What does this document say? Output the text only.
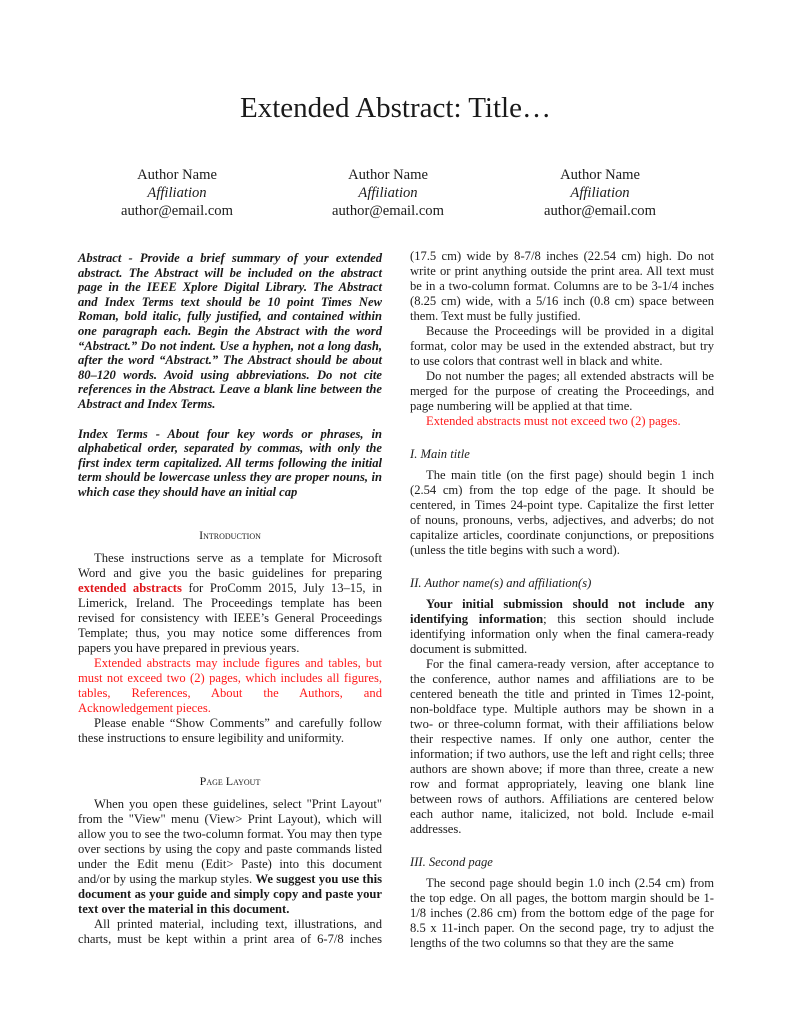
Extended Abstract: Title…
Author Name
Affiliation
author@email.com
Author Name
Affiliation
author@email.com
Author Name
Affiliation
author@email.com

Abstract - Provide a brief summary of your extended abstract. The Abstract will be included on the abstract page in the IEEE Xplore Digital Library. The Abstract and Index Terms text should be 10 point Times New Roman, bold italic, fully justified, and contained within one paragraph each. Begin the Abstract with the word “Abstract.” Do not indent. Use a hyphen, not a long dash, after the word “Abstract.” The Abstract should be about 80–120 words. Avoid using abbreviations. Do not cite references in the Abstract. Leave a blank line between the Abstract and Index Terms.

Index Terms - About four key words or phrases, in alphabetical order, separated by commas, with only the first index term capitalized. All terms following the initial term should be lowercase unless they are proper nouns, in which case they should have an initial cap

Introduction

These instructions serve as a template for Microsoft Word and give you the basic guidelines for preparing extended abstracts for ProComm 2015, July 13–15, in Limerick, Ireland. The Proceedings template has been revised for consistency with IEEE’s General Proceedings Template; thus, you may notice some differences from papers you have prepared in previous years.

Extended abstracts may include figures and tables, but must not exceed two (2) pages, which includes all figures, tables, References, About the Authors, and Acknowledgement pieces.

Please enable “Show Comments” and carefully follow these instructions to ensure legibility and uniformity.

Page Layout

When you open these guidelines, select "Print Layout" from the "View" menu (View> Print Layout), which will allow you to see the two-column format. You may then type over sections by using the copy and paste commands listed under the Edit menu (Edit> Paste) into this document and/or by using the markup styles. We suggest you use this document as your guide and simply copy and paste your text over the material in this document.

All printed material, including text, illustrations, and charts, must be kept within a print area of 6-7/8 inches

(17.5 cm) wide by 8-7/8 inches (22.54 cm) high. Do not write or print anything outside the print area. All text must be in a two-column format. Columns are to be 3-1/4 inches (8.25 cm) wide, with a 5/16 inch (0.8 cm) space between them. Text must be fully justified.

Because the Proceedings will be provided in a digital format, color may be used in the extended abstract, but try to use colors that contrast well in black and white.

Do not number the pages; all extended abstracts will be merged for the purpose of creating the Proceedings, and page numbering will be applied at that time.

Extended abstracts must not exceed two (2) pages.

I. Main title

The main title (on the first page) should begin 1 inch (2.54 cm) from the top edge of the page. It should be centered, in Times 24-point type. Capitalize the first letter of nouns, pronouns, verbs, adjectives, and adverbs; do not capitalize articles, coordinate conjunctions, or prepositions (unless the title begins with such a word).

II. Author name(s) and affiliation(s)

Your initial submission should not include any identifying information; this section should include identifying information only when the final camera-ready document is submitted.

For the final camera-ready version, after acceptance to the conference, author names and affiliations are to be centered beneath the title and printed in Times 12-point, non-boldface type. Multiple authors may be shown in a two- or three-column format, with their affiliations below their respective names. If only one author, center the information; if two authors, use the left and right cells; three authors are shown above; if more than three, create a new row and format appropriately, leaving one blank line between rows of authors. Affiliations are centered below each author name, italicized, not bold. Include e-mail addresses.

III. Second page

The second page should begin 1.0 inch (2.54 cm) from the top edge. On all pages, the bottom margin should be 1-1/8 inches (2.86 cm) from the bottom edge of the page for 8.5 x 11-inch paper. On the second page, try to adjust the lengths of the two columns so that they are the same
